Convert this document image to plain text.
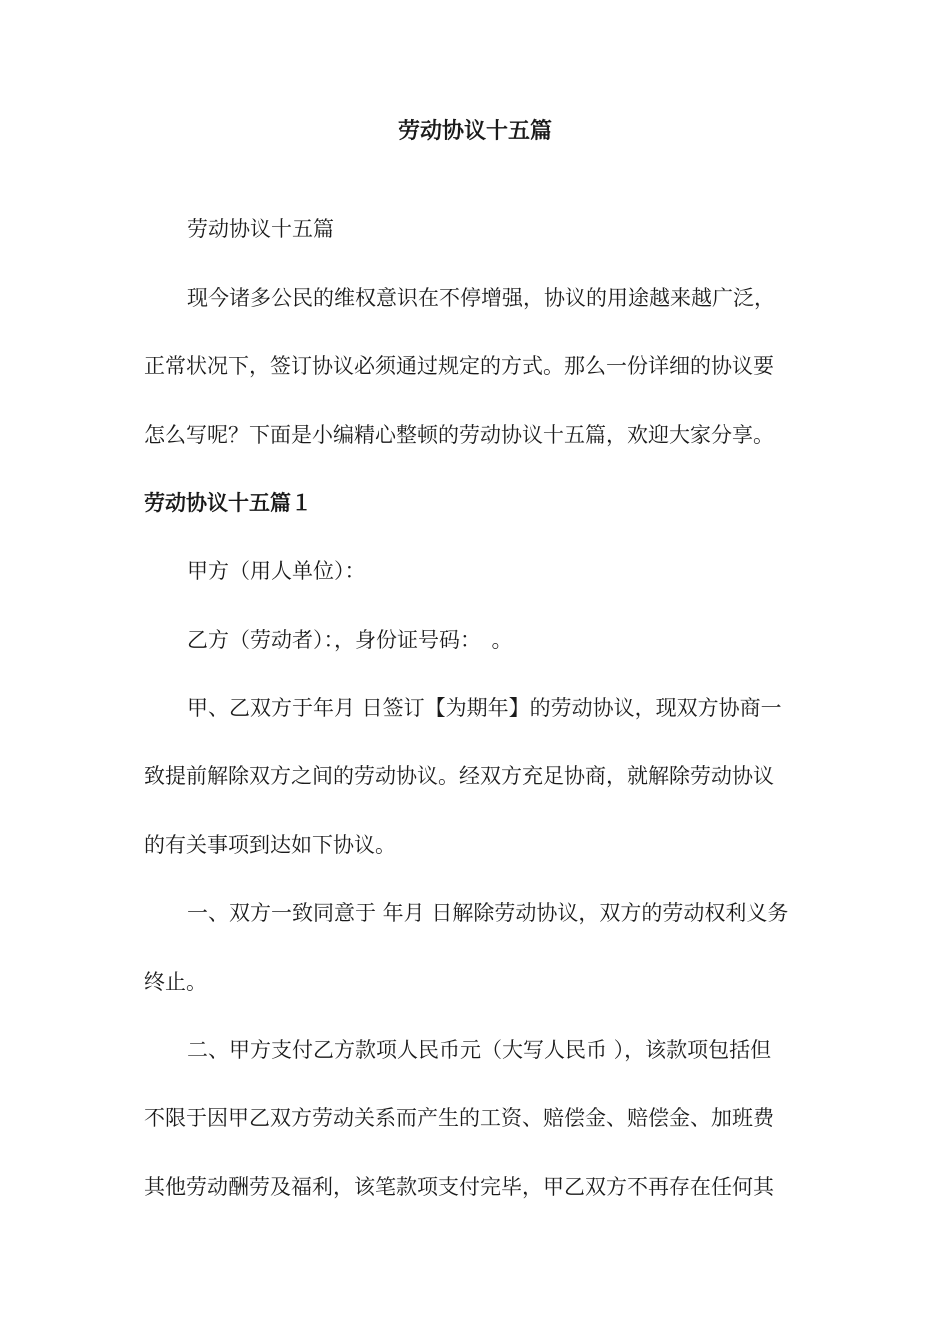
劳动协议十五篇
劳动协议十五篇
现今诸多公民的维权意识在不停增强，协议的用途越来越广泛，
正常状况下，签订协议必须通过规定的方式。那么一份详细的协议要
怎么写呢？下面是小编精心整顿的劳动协议十五篇，欢迎大家分享。
劳动协议十五篇１
甲方（用人单位）：
乙方（劳动者）：，身份证号码：　。
甲、乙双方于年月 日签订【为期年】的劳动协议，现双方协商一
致提前解除双方之间的劳动协议。经双方充足协商，就解除劳动协议
的有关事项到达如下协议。
一、双方一致同意于 年月 日解除劳动协议，双方的劳动权利义务
终止。
二、甲方支付乙方款项人民币元（大写人民币 ），该款项包括但
不限于因甲乙双方劳动关系而产生的工资、赔偿金、赔偿金、加班费
其他劳动酬劳及福利，该笔款项支付完毕，甲乙双方不再存在任何其
